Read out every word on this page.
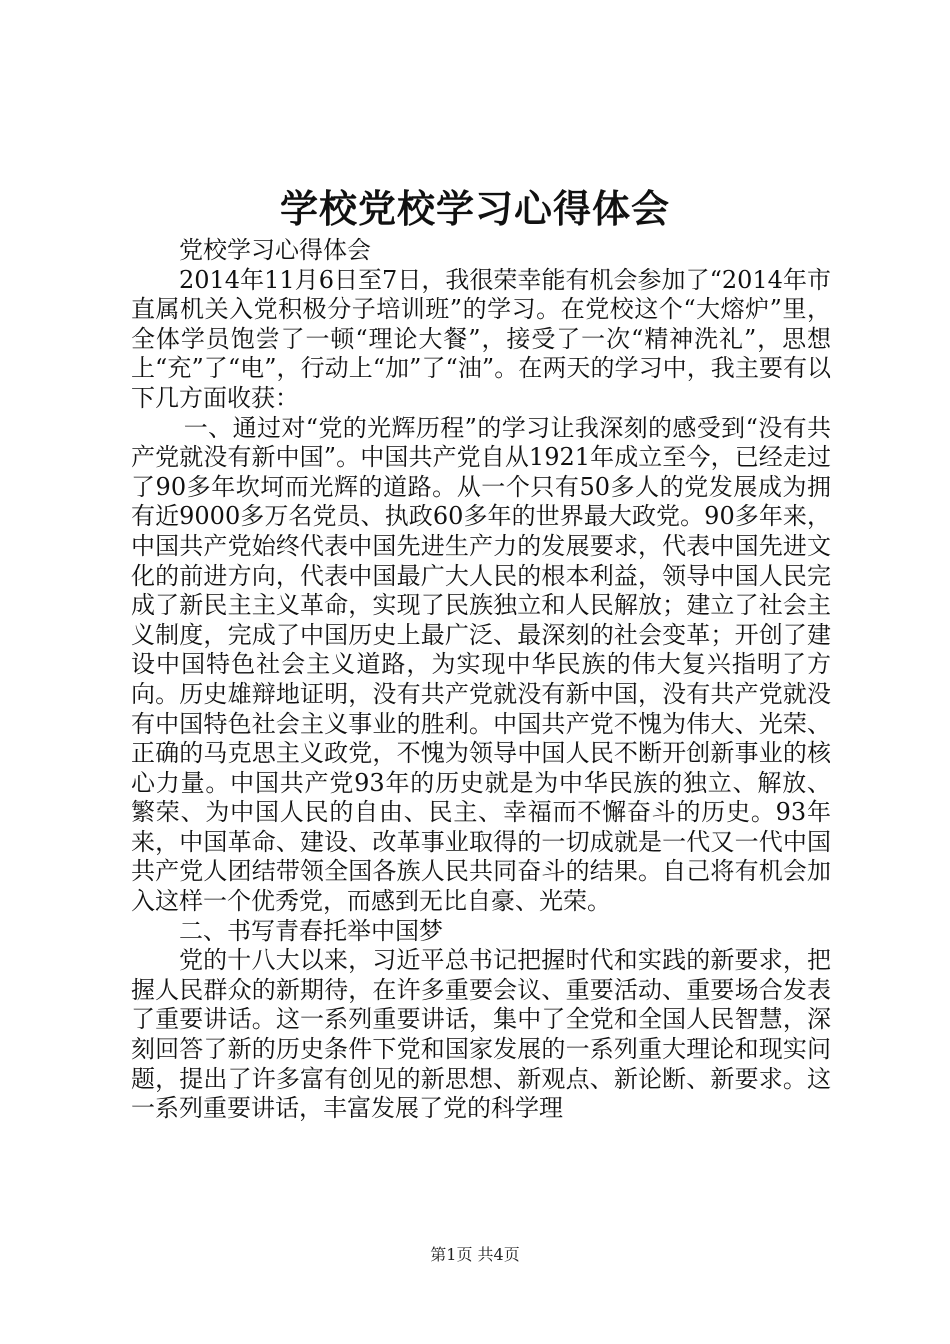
学校党校学习心得体会

党校学习心得体会

2014年11月6日至7日，我很荣幸能有机会参加了“2014年市直属机关入党积极分子培训班”的学习。在党校这个“大熔炉”里，全体学员饱尝了一顿“理论大餐”，接受了一次“精神洗礼”，思想上“充”了“电”，行动上“加”了“油”。在两天的学习中，我主要有以下几方面收获：

一、通过对“党的光辉历程”的学习让我深刻的感受到“没有共产党就没有新中国”。中国共产党自从1921年成立至今，已经走过了90多年坎坷而光辉的道路。从一个只有50多人的党发展成为拥有近9000多万名党员、执政60多年的世界最大政党。90多年来，中国共产党始终代表中国先进生产力的发展要求，代表中国先进文化的前进方向，代表中国最广大人民的根本利益，领导中国人民完成了新民主主义革命，实现了民族独立和人民解放；建立了社会主义制度，完成了中国历史上最广泛、最深刻的社会变革；开创了建设中国特色社会主义道路，为实现中华民族的伟大复兴指明了方向。历史雄辩地证明，没有共产党就没有新中国，没有共产党就没有中国特色社会主义事业的胜利。中国共产党不愧为伟大、光荣、正确的马克思主义政党，不愧为领导中国人民不断开创新事业的核心力量。中国共产党93年的历史就是为中华民族的独立、解放、繁荣、为中国人民的自由、民主、幸福而不懈奋斗的历史。93年来，中国革命、建设、改革事业取得的一切成就是一代又一代中国共产党人团结带领全国各族人民共同奋斗的结果。自己将有机会加入这样一个优秀党，而感到无比自豪、光荣。

二、书写青春托举中国梦

党的十八大以来，习近平总书记把握时代和实践的新要求，把握人民群众的新期待，在许多重要会议、重要活动、重要场合发表了重要讲话。这一系列重要讲话，集中了全党和全国人民智慧，深刻回答了新的历史条件下党和国家发展的一系列重大理论和现实问题，提出了许多富有创见的新思想、新观点、新论断、新要求。这一系列重要讲话，丰富发展了党的科学理

第1页 共4页
